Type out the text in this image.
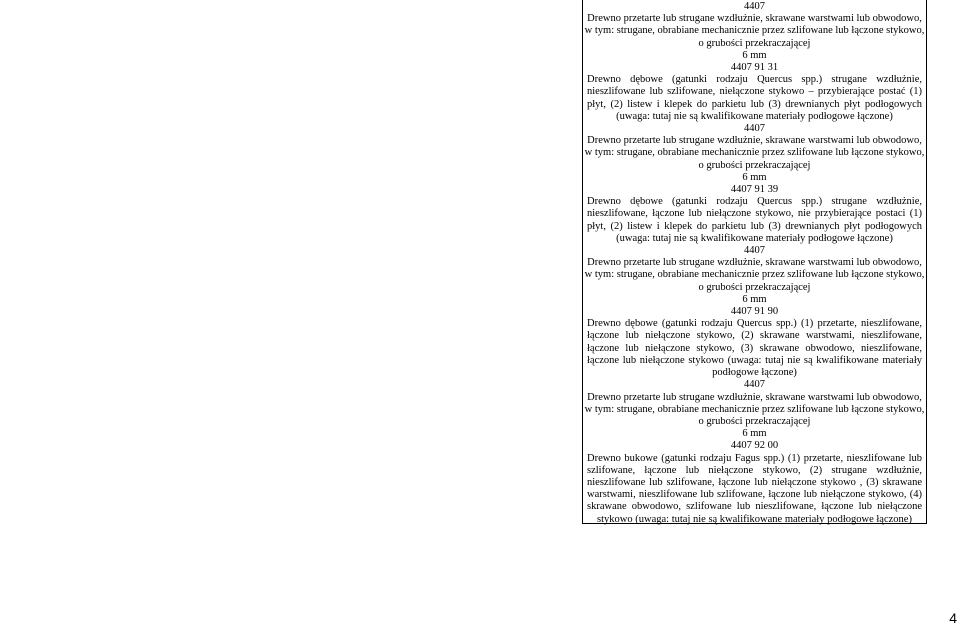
4407
Drewno przetarte lub strugane wzdłużnie, skrawane warstwami lub obwodowo,
w tym: strugane, obrabiane mechanicznie przez szlifowane lub łączone stykowo,
o grubości przekraczającej
6 mm
4407 91 31
Drewno dębowe (gatunki rodzaju Quercus spp.) strugane wzdłużnie, nieszlifowane lub szlifowane, niełączone stykowo – przybierające postać (1) płyt, (2) listew i klepek do parkietu lub (3) drewnianych płyt podłogowych (uwaga: tutaj nie są kwalifikowane materiały podłogowe łączone)
4407
Drewno przetarte lub strugane wzdłużnie, skrawane warstwami lub obwodowo,
w tym: strugane, obrabiane mechanicznie przez szlifowane lub łączone stykowo,
o grubości przekraczającej
6 mm
4407 91 39
Drewno dębowe (gatunki rodzaju Quercus spp.) strugane wzdłużnie, nieszlifowane, łączone lub niełączone stykowo, nie przybierające postaci (1) płyt, (2) listew i klepek do parkietu lub (3) drewnianych płyt podłogowych (uwaga: tutaj nie są kwalifikowane materiały podłogowe łączone)
4407
Drewno przetarte lub strugane wzdłużnie, skrawane warstwami lub obwodowo,
w tym: strugane, obrabiane mechanicznie przez szlifowane lub łączone stykowo,
o grubości przekraczającej
6 mm
4407 91 90
Drewno dębowe (gatunki rodzaju Quercus spp.) (1) przetarte, nieszlifowane, łączone lub niełączone stykowo, (2) skrawane warstwami, nieszlifowane, łączone lub niełączone stykowo, (3) skrawane obwodowo, nieszlifowane, łączone lub niełączone stykowo (uwaga: tutaj nie są kwalifikowane materiały podłogowe łączone)
4407
Drewno przetarte lub strugane wzdłużnie, skrawane warstwami lub obwodowo,
w tym: strugane, obrabiane mechanicznie przez szlifowane lub łączone stykowo,
o grubości przekraczającej
6 mm
4407 92 00
Drewno bukowe (gatunki rodzaju Fagus spp.) (1) przetarte, nieszlifowane lub szlifowane, łączone lub niełączone stykowo, (2) strugane wzdłużnie, nieszlifowane lub szlifowane, łączone lub niełączone stykowo , (3) skrawane warstwami, nieszlifowane lub szlifowane, łączone lub niełączone stykowo, (4) skrawane obwodowo, szlifowane lub nieszlifowane, łączone lub niełączone stykowo (uwaga: tutaj nie są kwalifikowane materiały podłogowe łączone)
4
